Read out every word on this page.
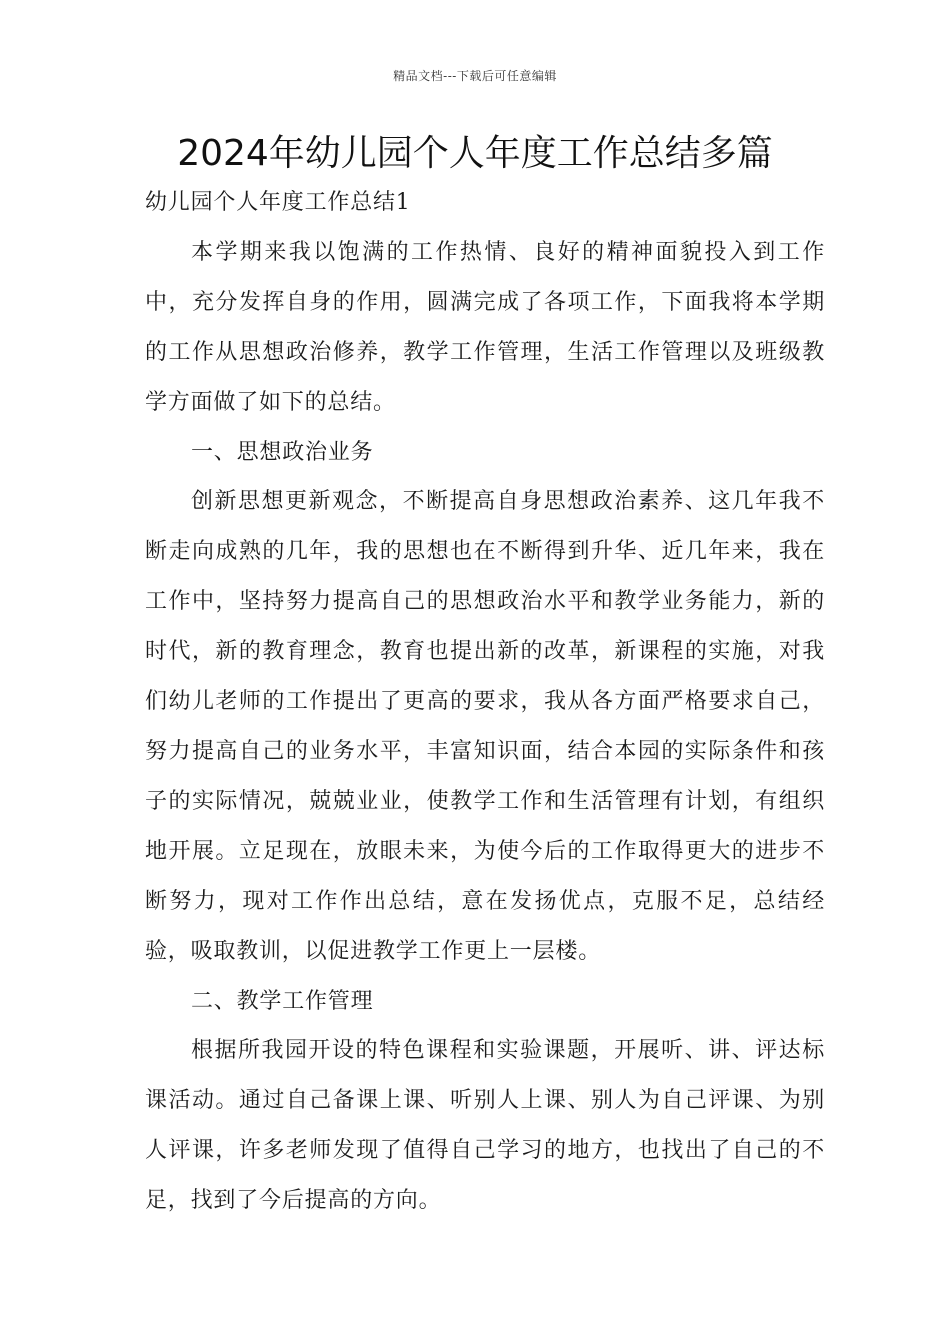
精品文档---下载后可任意编辑
2024年幼儿园个人年度工作总结多篇

幼儿园个人年度工作总结1

本学期来我以饱满的工作热情、良好的精神面貌投入到工作中，充分发挥自身的作用，圆满完成了各项工作，下面我将本学期的工作从思想政治修养，教学工作管理，生活工作管理以及班级教学方面做了如下的总结。

一、思想政治业务

创新思想更新观念，不断提高自身思想政治素养、这几年我不断走向成熟的几年，我的思想也在不断得到升华、近几年来，我在工作中，坚持努力提高自己的思想政治水平和教学业务能力，新的时代，新的教育理念，教育也提出新的改革，新课程的实施，对我们幼儿老师的工作提出了更高的要求，我从各方面严格要求自己，努力提高自己的业务水平，丰富知识面，结合本园的实际条件和孩子的实际情况，兢兢业业，使教学工作和生活管理有计划，有组织地开展。立足现在，放眼未来，为使今后的工作取得更大的进步不断努力，现对工作作出总结，意在发扬优点，克服不足，总结经验，吸取教训，以促进教学工作更上一层楼。

二、教学工作管理

根据所我园开设的特色课程和实验课题，开展听、讲、评达标课活动。通过自己备课上课、听别人上课、别人为自己评课、为别人评课，许多老师发现了值得自己学习的地方，也找出了自己的不足，找到了今后提高的方向。
